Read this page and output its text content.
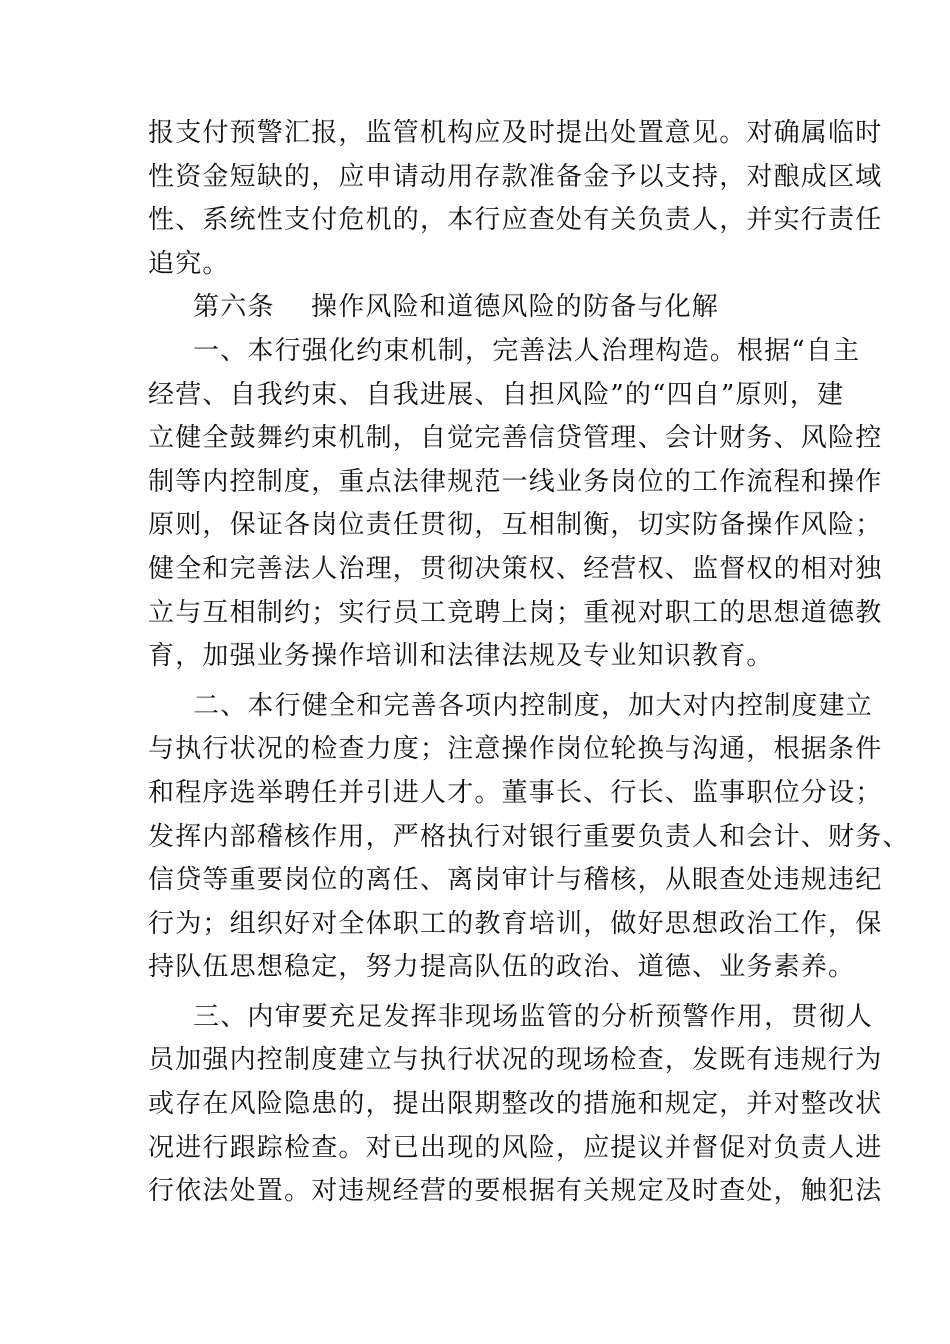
报支付预警汇报，监管机构应及时提出处置意见。对确属临时
性资金短缺的，应申请动用存款准备金予以支持，对酿成区域
性、系统性支付危机的，本行应查处有关负责人，并实行责任
追究。
第六条 操作风险和道德风险的防备与化解
一、本行强化约束机制，完善法人治理构造。根据“自主
经营、自我约束、自我进展、自担风险”的“四自”原则，建
立健全鼓舞约束机制，自觉完善信贷管理、会计财务、风险控
制等内控制度，重点法律规范一线业务岗位的工作流程和操作
原则，保证各岗位责任贯彻，互相制衡，切实防备操作风险；
健全和完善法人治理，贯彻决策权、经营权、监督权的相对独
立与互相制约；实行员工竞聘上岗；重视对职工的思想道德教
育，加强业务操作培训和法律法规及专业知识教育。
二、本行健全和完善各项内控制度，加大对内控制度建立
与执行状况的检查力度；注意操作岗位轮换与沟通，根据条件
和程序选举聘任并引进人才。董事长、行长、监事职位分设；
发挥内部稽核作用，严格执行对银行重要负责人和会计、财务、
信贷等重要岗位的离任、离岗审计与稽核，从眼查处违规违纪
行为；组织好对全体职工的教育培训，做好思想政治工作，保
持队伍思想稳定，努力提高队伍的政治、道德、业务素养。
三、内审要充足发挥非现场监管的分析预警作用，贯彻人
员加强内控制度建立与执行状况的现场检查，发既有违规行为
或存在风险隐患的，提出限期整改的措施和规定，并对整改状
况进行跟踪检查。对已出现的风险，应提议并督促对负责人进
行依法处置。对违规经营的要根据有关规定及时查处，触犯法
